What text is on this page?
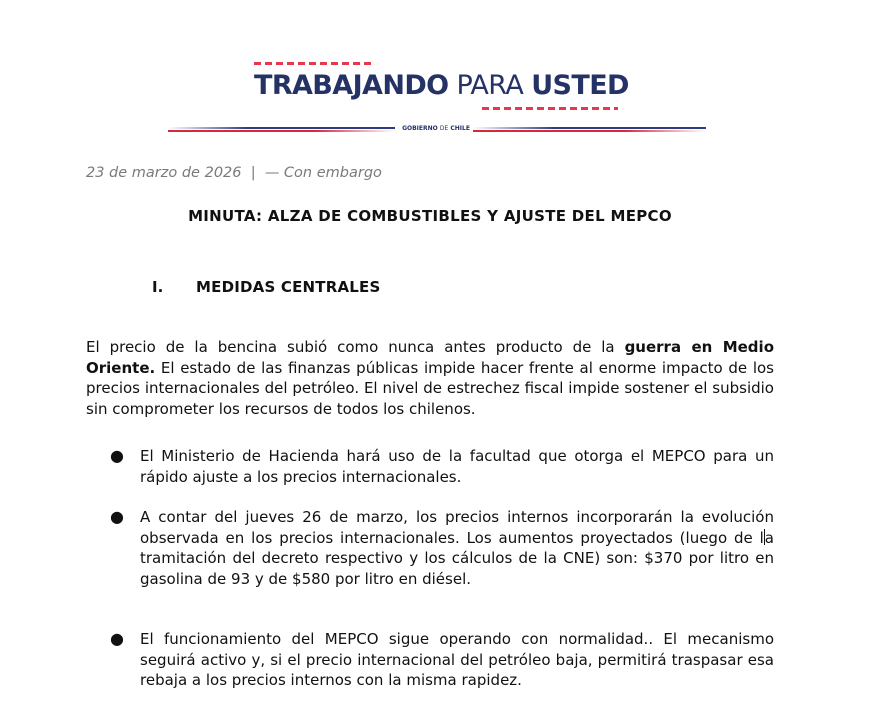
TRABAJANDO PARA USTED
GOBIERNO DE CHILE
23 de marzo de 2026 | — Con embargo
MINUTA: ALZA DE COMBUSTIBLES Y AJUSTE DEL MEPCO
I. MEDIDAS CENTRALES
El precio de la bencina subió como nunca antes producto de la guerra en Medio Oriente. El estado de las finanzas públicas impide hacer frente al enorme impacto de los precios internacionales del petróleo. El nivel de estrechez fiscal impide sostener el subsidio sin comprometer los recursos de todos los chilenos.
● El Ministerio de Hacienda hará uso de la facultad que otorga el MEPCO para un rápido ajuste a los precios internacionales.
● A contar del jueves 26 de marzo, los precios internos incorporarán la evolución observada en los precios internacionales. Los aumentos proyectados (luego de la tramitación del decreto respectivo y los cálculos de la CNE) son: $370 por litro en gasolina de 93 y de $580 por litro en diésel.
● El funcionamiento del MEPCO sigue operando con normalidad.. El mecanismo seguirá activo y, si el precio internacional del petróleo baja, permitirá traspasar esa rebaja a los precios internos con la misma rapidez.
